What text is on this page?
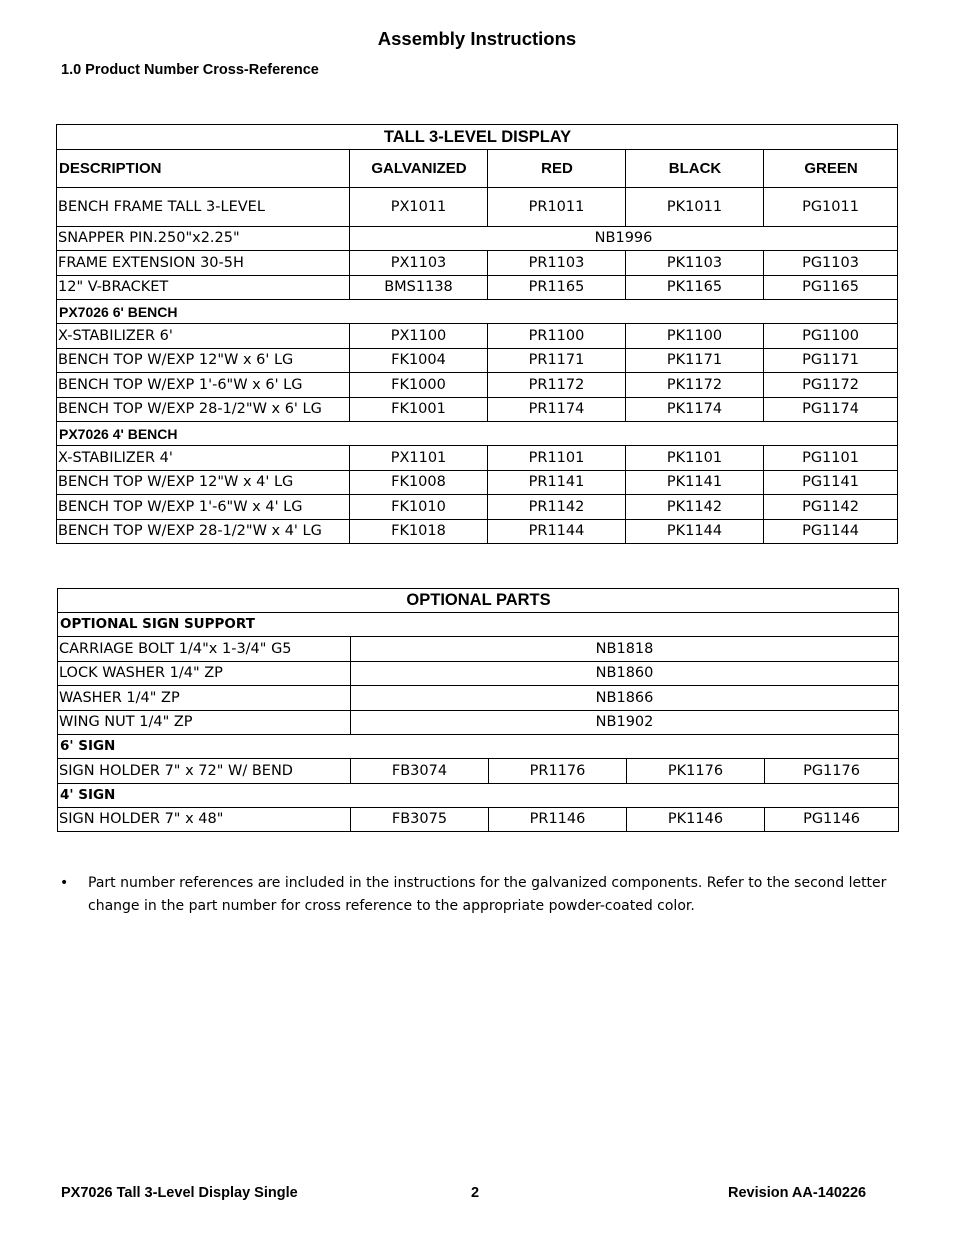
Assembly Instructions
1.0 Product Number Cross-Reference
TALL 3-LEVEL DISPLAY				
DESCRIPTION	GALVANIZED	RED	BLACK	GREEN
BENCH FRAME TALL 3-LEVEL	PX1011	PR1011	PK1011	PG1011
SNAPPER PIN.250"x2.25"	NB1996			
FRAME EXTENSION 30-5H	PX1103	PR1103	PK1103	PG1103
12" V-BRACKET	BMS1138	PR1165	PK1165	PG1165
PX7026 6' BENCH				
X-STABILIZER 6'	PX1100	PR1100	PK1100	PG1100
BENCH TOP W/EXP 12"W x 6' LG	FK1004	PR1171	PK1171	PG1171
BENCH TOP W/EXP 1'-6"W x 6' LG	FK1000	PR1172	PK1172	PG1172
BENCH TOP W/EXP 28-1/2"W x 6' LG	FK1001	PR1174	PK1174	PG1174
PX7026 4' BENCH				
X-STABILIZER 4'	PX1101	PR1101	PK1101	PG1101
BENCH TOP W/EXP 12"W x 4' LG	FK1008	PR1141	PK1141	PG1141
BENCH TOP W/EXP 1'-6"W x 4' LG	FK1010	PR1142	PK1142	PG1142
BENCH TOP W/EXP 28-1/2"W x 4' LG	FK1018	PR1144	PK1144	PG1144
OPTIONAL PARTS				
OPTIONAL SIGN SUPPORT				
CARRIAGE BOLT 1/4"x 1-3/4" G5	NB1818			
LOCK WASHER 1/4" ZP	NB1860			
WASHER 1/4" ZP	NB1866			
WING NUT 1/4" ZP	NB1902			
6' SIGN				
SIGN HOLDER 7" x 72" W/ BEND	FB3074	PR1176	PK1176	PG1176
4' SIGN				
SIGN HOLDER 7" x 48"	FB3075	PR1146	PK1146	PG1146
• Part number references are included in the instructions for the galvanized components. Refer to the second letter change in the part number for cross reference to the appropriate powder-coated color.
PX7026 Tall 3-Level Display Single	2	Revision AA-140226
